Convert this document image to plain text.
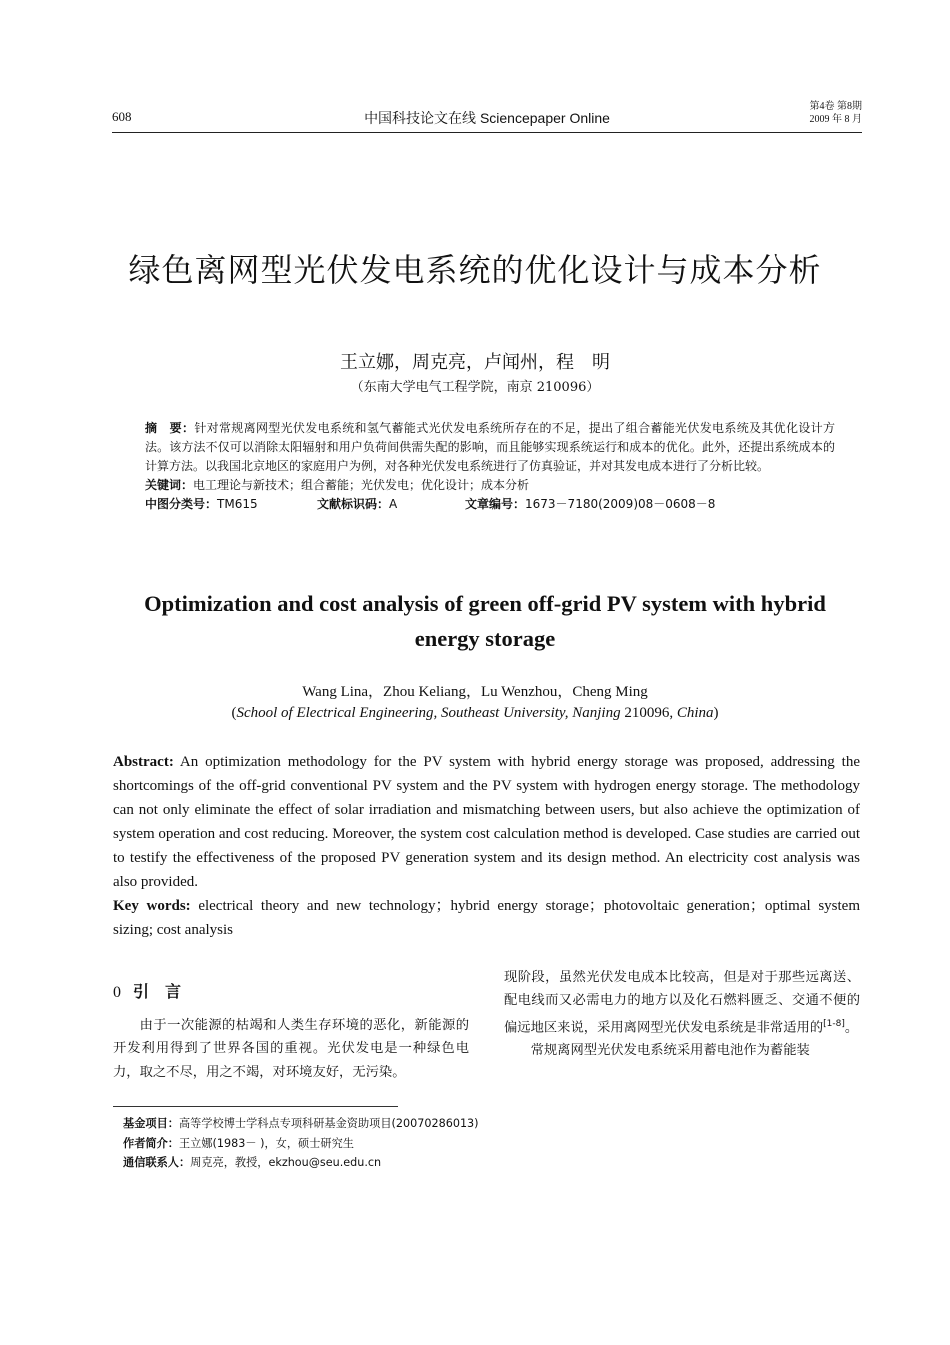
608	中国科技论文在线 Sciencepaper Online
第4卷 第8期
2009 年 8 月
绿色离网型光伏发电系统的优化设计与成本分析
王立娜，周克亮，卢闻州，程　明
（东南大学电气工程学院，南京 210096）

摘　要：针对常规离网型光伏发电系统和氢气蓄能式光伏发电系统所存在的不足，提出了组合蓄能光伏发电系统及其优化设计方法。该方法不仅可以消除太阳辐射和用户负荷间供需失配的影响，而且能够实现系统运行和成本的优化。此外，还提出系统成本的计算方法。以我国北京地区的家庭用户为例，对各种光伏发电系统进行了仿真验证，并对其发电成本进行了分析比较。

关键词：电工理论与新技术；组合蓄能；光伏发电；优化设计；成本分析

中图分类号：TM615	文献标识码：A	文章编号：1673－7180(2009)08－0608－8
Optimization and cost analysis of green off-grid PV system with hybrid energy storage
Wang Lina，Zhou Keliang，Lu Wenzhou，Cheng Ming
(School of Electrical Engineering, Southeast University, Nanjing 210096, China)

Abstract: An optimization methodology for the PV system with hybrid energy storage was proposed, addressing the shortcomings of the off-grid conventional PV system and the PV system with hydrogen energy storage. The methodology can not only eliminate the effect of solar irradiation and mismatching between users, but also achieve the optimization of system operation and cost reducing. Moreover, the system cost calculation method is developed. Case studies are carried out to testify the effectiveness of the proposed PV generation system and its design method. An electricity cost analysis was also provided.

Key words: electrical theory and new technology；hybrid energy storage；photovoltaic generation；optimal system sizing; cost analysis

0 引　言

由于一次能源的枯竭和人类生存环境的恶化，新能源的开发利用得到了世界各国的重视。光伏发电是一种绿色电力，取之不尽，用之不竭，对环境友好，无污染。

现阶段，虽然光伏发电成本比较高，但是对于那些远离送、配电线而又必需电力的地方以及化石燃料匮乏、交通不便的偏远地区来说，采用离网型光伏发电系统是非常适用的[1-8]。

常规离网型光伏发电系统采用蓄电池作为蓄能装

基金项目：高等学校博士学科点专项科研基金资助项目(20070286013)
作者简介：王立娜(1983－ )，女，硕士研究生
通信联系人：周克亮，教授，ekzhou@seu.edu.cn
